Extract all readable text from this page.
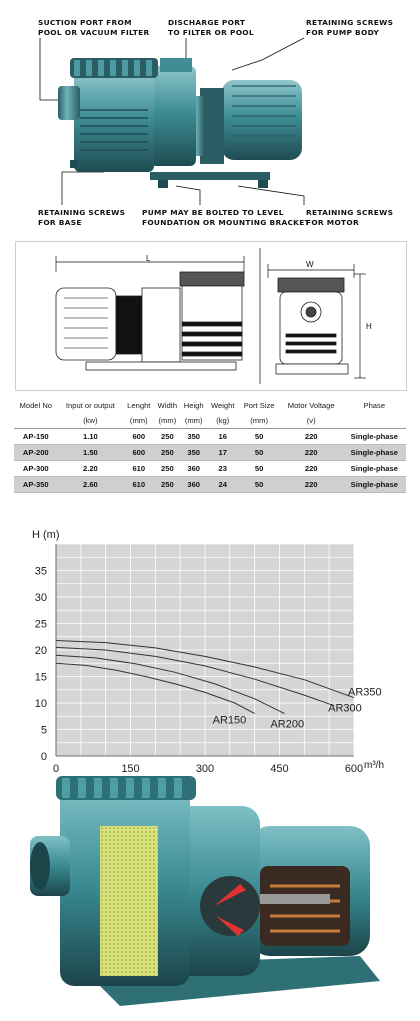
SUCTION PORT FROM
POOL OR VACUUM FILTER
DISCHARGE PORT
TO FILTER OR POOL
RETAINING SCREWS
FOR PUMP BODY
RETAINING SCREWS
FOR BASE
PUMP MAY BE BOLTED TO LEVEL
FOUNDATION OR MOUNTING BRACKET
RETAINING SCREWS
FOR MOTOR
L
W
H
Model No	Input or output	Lenght	Width	Heigh	Weight	Port Size	Motor Voltage	Phase
	(kw)	(mm)	(mm)	(mm)	(kg)	(mm)	(v)	
AP-150	1.10	600	250	350	16	50	220	Single-phase
AP-200	1.50	600	250	350	17	50	220	Single-phase
AP-300	2.20	610	250	360	23	50	220	Single-phase
AP-350	2.60	610	250	360	24	50	220	Single-phase
0
5
10
15
20
25
30
35
0	150	300	450	600
H (m)
m³/h
AR150 AR200
AR300
AR350
